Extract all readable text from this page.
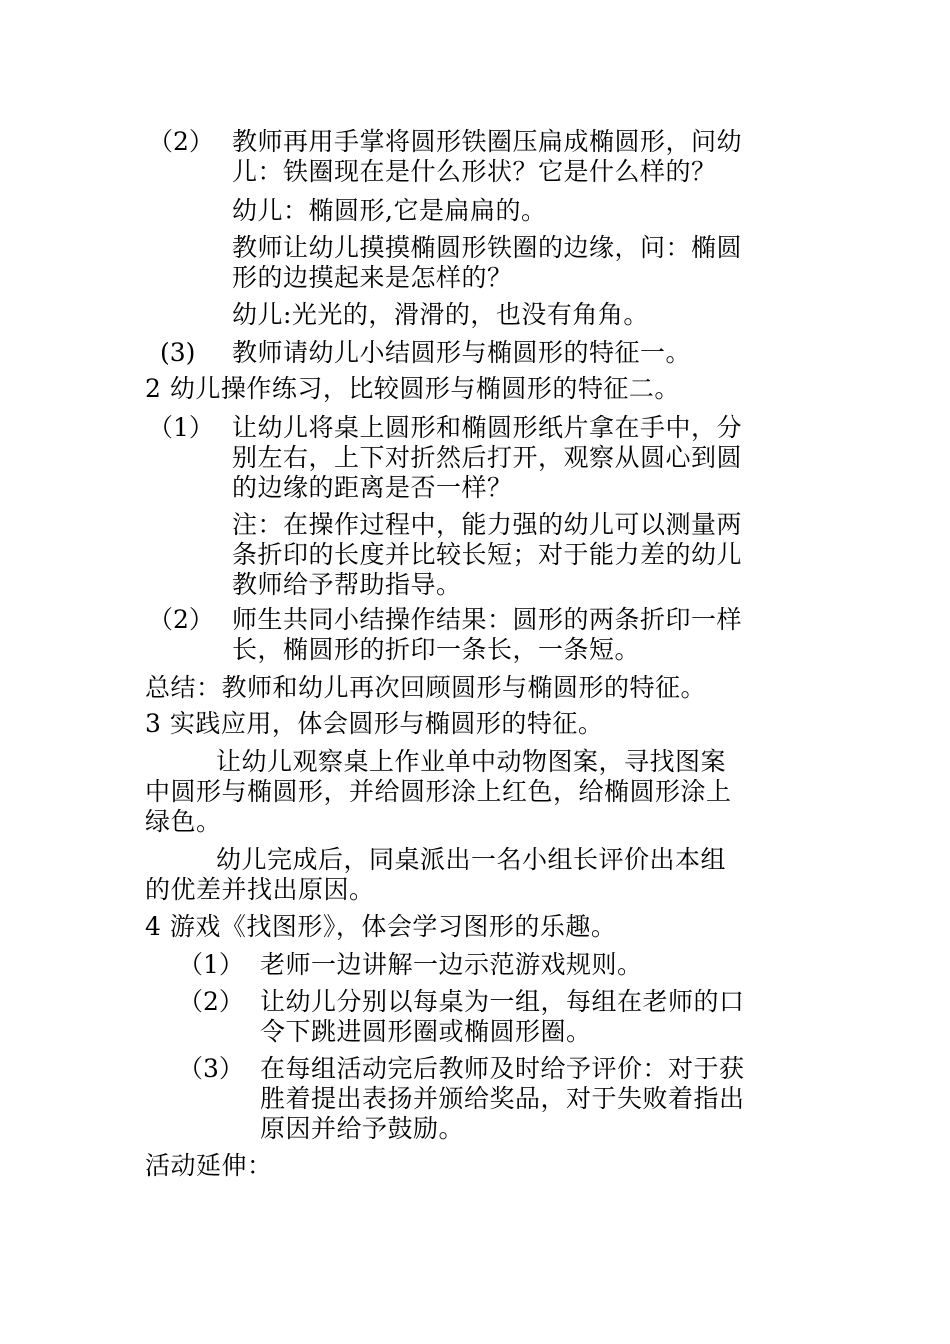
（2） 教师再用手掌将圆形铁圈压扁成椭圆形，问幼
儿：铁圈现在是什么形状？它是什么样的？
幼儿：椭圆形,它是扁扁的。
教师让幼儿摸摸椭圆形铁圈的边缘，问：椭圆
形的边摸起来是怎样的？
幼儿:光光的，滑滑的，也没有角角。
(3) 教师请幼儿小结圆形与椭圆形的特征一。
2 幼儿操作练习，比较圆形与椭圆形的特征二。
（1） 让幼儿将桌上圆形和椭圆形纸片拿在手中，分
别左右，上下对折然后打开，观察从圆心到圆
的边缘的距离是否一样？
注：在操作过程中，能力强的幼儿可以测量两
条折印的长度并比较长短；对于能力差的幼儿
教师给予帮助指导。
（2） 师生共同小结操作结果：圆形的两条折印一样
长，椭圆形的折印一条长，一条短。
总结：教师和幼儿再次回顾圆形与椭圆形的特征。
3 实践应用，体会圆形与椭圆形的特征。
让幼儿观察桌上作业单中动物图案，寻找图案
中圆形与椭圆形，并给圆形涂上红色，给椭圆形涂上
绿色。
幼儿完成后，同桌派出一名小组长评价出本组
的优差并找出原因。
4 游戏《找图形》，体会学习图形的乐趣。
（1） 老师一边讲解一边示范游戏规则。
（2） 让幼儿分别以每桌为一组，每组在老师的口
令下跳进圆形圈或椭圆形圈。
（3） 在每组活动完后教师及时给予评价：对于获
胜着提出表扬并颁给奖品，对于失败着指出
原因并给予鼓励。
活动延伸：
